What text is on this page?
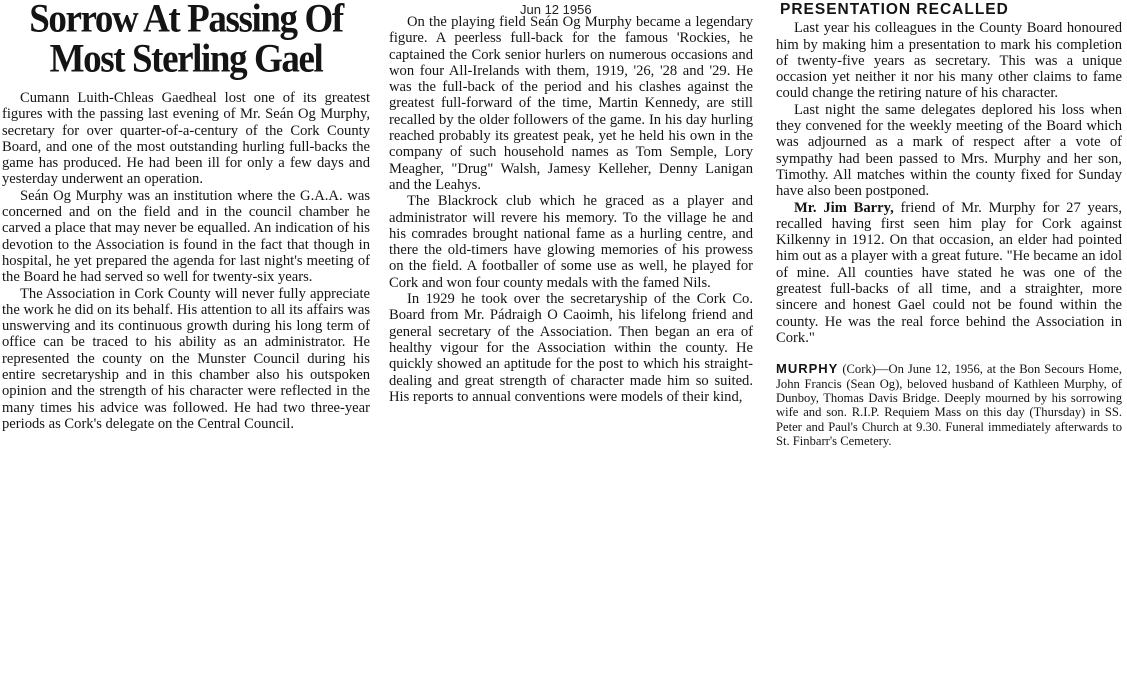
Jun 12 1956
Sorrow At Passing Of
Most Sterling Gael

Cumann Luith-Chleas Gaedheal lost one of its greatest figures with the passing last evening of Mr. Seán Og Murphy, secretary for over quarter-of-a-century of the Cork County Board, and one of the most outstanding hurling full-backs the game has produced. He had been ill for only a few days and yesterday underwent an operation.

Seán Og Murphy was an institution where the G.A.A. was concerned and on the field and in the council chamber he carved a place that may never be equalled. An indication of his devotion to the Association is found in the fact that though in hospital, he yet prepared the agenda for last night's meeting of the Board he had served so well for twenty-six years.

The Association in Cork County will never fully appreciate the work he did on its behalf. His attention to all its affairs was unswerving and its continuous growth during his long term of office can be traced to his ability as an administrator. He represented the county on the Munster Council during his entire secretaryship and in this chamber also his outspoken opinion and the strength of his character were reflected in the many times his advice was followed. He had two three-year periods as Cork's delegate on the Central Council.

On the playing field Seán Og Murphy became a legendary figure. A peerless full-back for the famous 'Rockies, he captained the Cork senior hurlers on numerous occasions and won four All-Irelands with them, 1919, '26, '28 and '29. He was the full-back of the period and his clashes against the greatest full-forward of the time, Martin Kennedy, are still recalled by the older followers of the game. In his day hurling reached probably its greatest peak, yet he held his own in the company of such household names as Tom Semple, Lory Meagher, "Drug" Walsh, Jamesy Kelleher, Denny Lanigan and the Leahys.

The Blackrock club which he graced as a player and administrator will revere his memory. To the village he and his comrades brought national fame as a hurling centre, and there the old-timers have glowing memories of his prowess on the field. A footballer of some use as well, he played for Cork and won four county medals with the famed Nils.

In 1929 he took over the secretaryship of the Cork Co. Board from Mr. Pádraigh O Caoimh, his lifelong friend and general secretary of the Association. Then began an era of healthy vigour for the Association within the county. He quickly showed an aptitude for the post to which his straight-dealing and great strength of character made him so suited. His reports to annual conventions were models of their kind,

PRESENTATION RECALLED

Last year his colleagues in the County Board honoured him by making him a presentation to mark his completion of twenty-five years as secretary. This was a unique occasion yet neither it nor his many other claims to fame could change the retiring nature of his character.

Last night the same delegates deplored his loss when they convened for the weekly meeting of the Board which was adjourned as a mark of respect after a vote of sympathy had been passed to Mrs. Murphy and her son, Timothy. All matches within the county fixed for Sunday have also been postponed.

Mr. Jim Barry, friend of Mr. Murphy for 27 years, recalled having first seen him play for Cork against Kilkenny in 1912. On that occasion, an elder had pointed him out as a player with a great future. "He became an idol of mine. All counties have stated he was one of the greatest full-backs of all time, and a straighter, more sincere and honest Gael could not be found within the county. He was the real force behind the Association in Cork."

MURPHY (Cork)—On June 12, 1956, at the Bon Secours Home, John Francis (Sean Og), beloved husband of Kathleen Murphy, of Dunboy, Thomas Davis Bridge. Deeply mourned by his sorrowing wife and son. R.I.P. Requiem Mass on this day (Thursday) in SS. Peter and Paul's Church at 9.30. Funeral immediately afterwards to St. Finbarr's Cemetery.
